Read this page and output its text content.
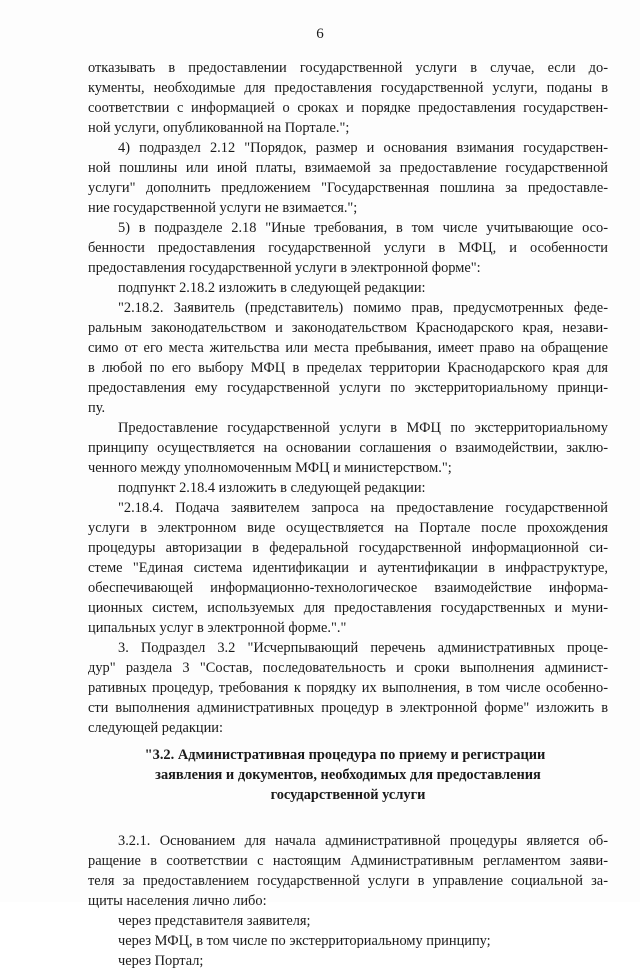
6
отказывать в предоставлении государственной услуги в случае, если до-
кументы, необходимые для предоставления государственной услуги, поданы в
соответствии с информацией о сроках и порядке предоставления государствен-
ной услуги, опубликованной на Портале.";
4) подраздел 2.12 "Порядок, размер и основания взимания государствен-
ной пошлины или иной платы, взимаемой за предоставление государственной
услуги" дополнить предложением "Государственная пошлина за предоставле-
ние государственной услуги не взимается.";
5) в подразделе 2.18 "Иные требования, в том числе учитывающие осо-
бенности предоставления государственной услуги в МФЦ, и особенности
предоставления государственной услуги в электронной форме":
подпункт 2.18.2 изложить в следующей редакции:
"2.18.2. Заявитель (представитель) помимо прав, предусмотренных феде-
ральным законодательством и законодательством Краснодарского края, незави-
симо от его места жительства или места пребывания, имеет право на обращение
в любой по его выбору МФЦ в пределах территории Краснодарского края для
предоставления ему государственной услуги по экстерриториальному принци-
пу.
Предоставление государственной услуги в МФЦ по экстерриториальному
принципу осуществляется на основании соглашения о взаимодействии, заклю-
ченного между уполномоченным МФЦ и министерством.";
подпункт 2.18.4 изложить в следующей редакции:
"2.18.4. Подача заявителем запроса на предоставление государственной
услуги в электронном виде осуществляется на Портале после прохождения
процедуры авторизации в федеральной государственной информационной си-
стеме "Единая система идентификации и аутентификации в инфраструктуре,
обеспечивающей информационно-технологическое взаимодействие информа-
ционных систем, используемых для предоставления государственных и муни-
ципальных услуг в электронной форме."."
3. Подраздел 3.2 "Исчерпывающий перечень административных проце-
дур" раздела 3 "Состав, последовательность и сроки выполнения админист-
ративных процедур, требования к порядку их выполнения, в том числе особенно-
сти выполнения административных процедур в электронной форме" изложить в
следующей редакции:
"3.2. Административная процедура по приему и регистрации
заявления и документов, необходимых для предоставления
государственной услуги
3.2.1. Основанием для начала административной процедуры является об-
ращение в соответствии с настоящим Административным регламентом заяви-
теля за предоставлением государственной услуги в управление социальной за-
щиты населения лично либо:
через представителя заявителя;
через МФЦ, в том числе по экстерриториальному принципу;
через Портал;
